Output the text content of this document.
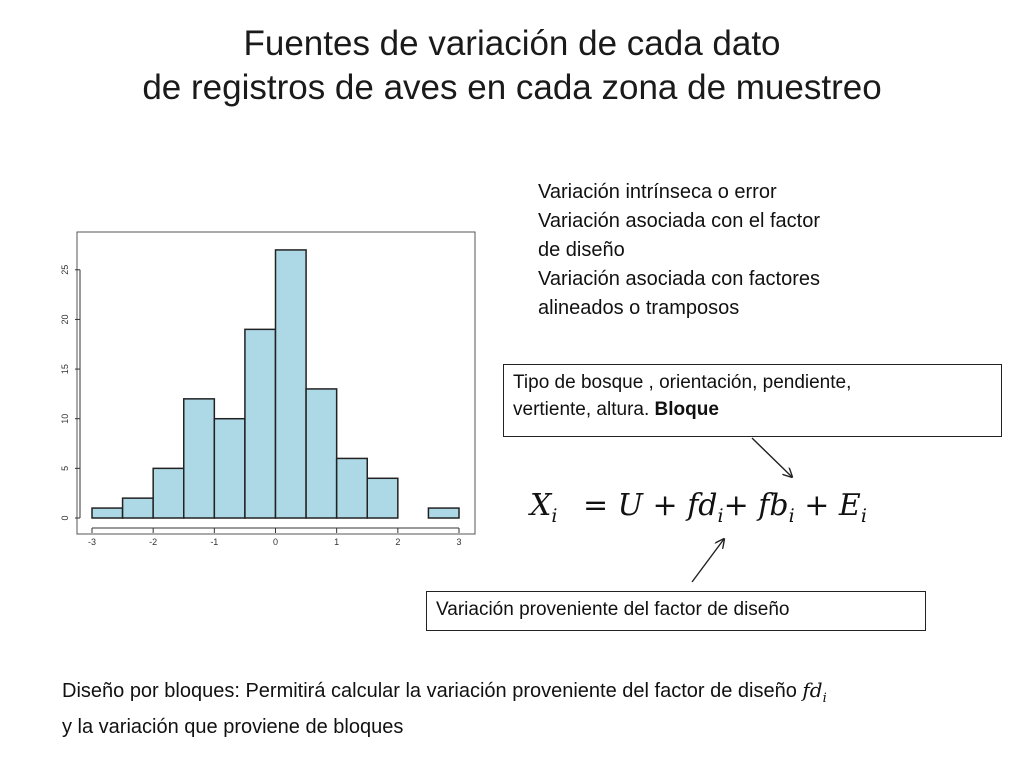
Fuentes de variación de cada dato
de registros de aves en cada zona de muestreo
-3	-2	-1	0	1	2	3
0
5
10
15
20
25
Variación intrínseca o error
Variación asociada con el factor
de diseño
Variación asociada con factores
alineados o tramposos
Tipo de bosque , orientación, pendiente,
vertiente, altura. Bloque
$X_i = U + fd_i+ fb_i + E_i$
Variación proveniente del factor de diseño
Diseño por bloques: Permitirá calcular la variación proveniente del factor de diseño $fd_i$
y la variación que proviene de bloques
